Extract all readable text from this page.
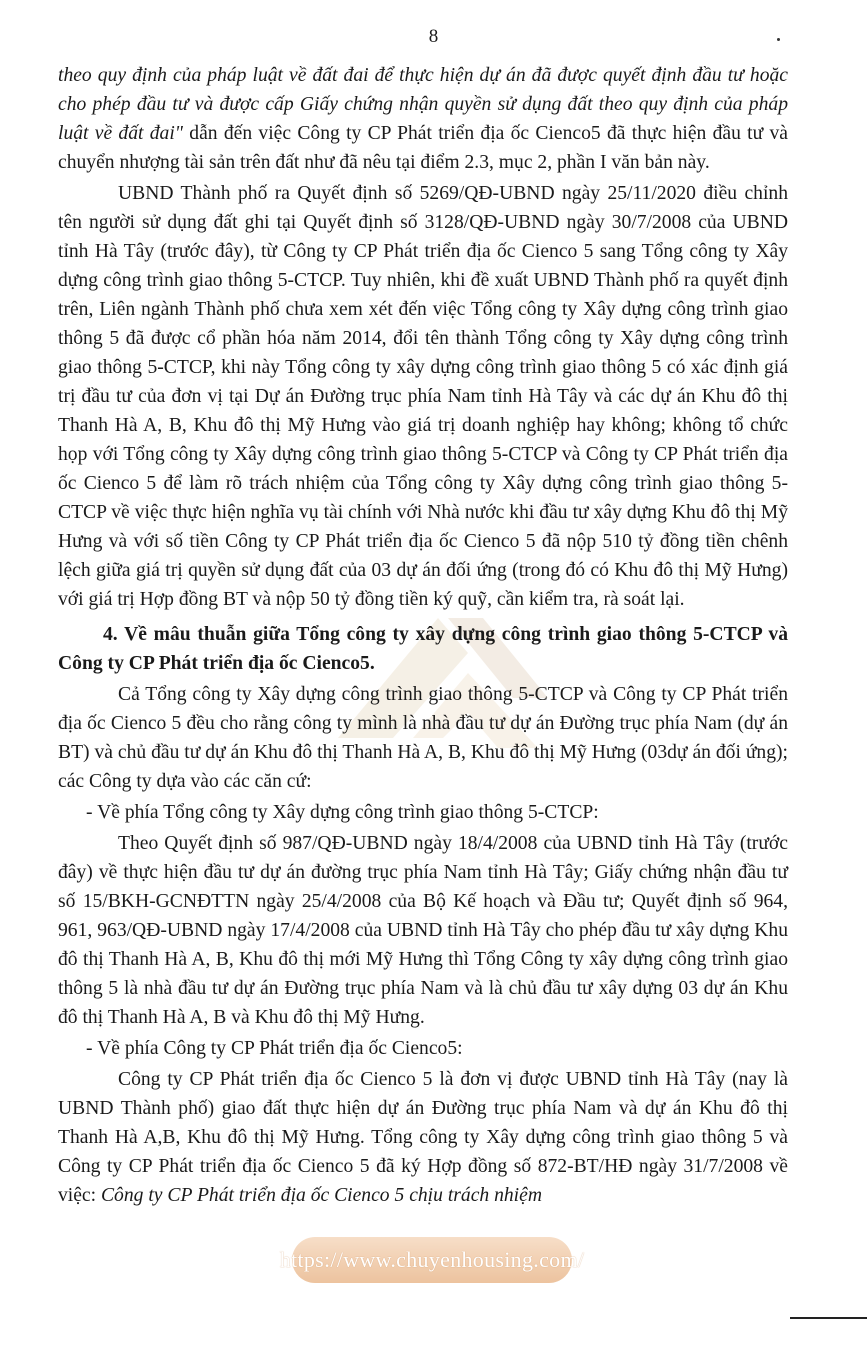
8

theo quy định của pháp luật về đất đai để thực hiện dự án đã được quyết định đầu tư hoặc cho phép đầu tư và được cấp Giấy chứng nhận quyền sử dụng đất theo quy định của pháp luật về đất đai" dẫn đến việc Công ty CP Phát triển địa ốc Cienco5 đã thực hiện đầu tư và chuyển nhượng tài sản trên đất như đã nêu tại điểm 2.3, mục 2, phần I văn bản này.

UBND Thành phố ra Quyết định số 5269/QĐ-UBND ngày 25/11/2020 điều chỉnh tên người sử dụng đất ghi tại Quyết định số 3128/QĐ-UBND ngày 30/7/2008 của UBND tỉnh Hà Tây (trước đây), từ Công ty CP Phát triển địa ốc Cienco 5 sang Tổng công ty Xây dựng công trình giao thông 5-CTCP. Tuy nhiên, khi đề xuất UBND Thành phố ra quyết định trên, Liên ngành Thành phố chưa xem xét đến việc Tổng công ty Xây dựng công trình giao thông 5 đã được cổ phần hóa năm 2014, đổi tên thành Tổng công ty Xây dựng công trình giao thông 5-CTCP, khi này Tổng công ty xây dựng công trình giao thông 5 có xác định giá trị đầu tư của đơn vị tại Dự án Đường trục phía Nam tỉnh Hà Tây và các dự án Khu đô thị Thanh Hà A, B, Khu đô thị Mỹ Hưng vào giá trị doanh nghiệp hay không; không tổ chức họp với Tổng công ty Xây dựng công trình giao thông 5-CTCP và Công ty CP Phát triển địa ốc Cienco 5 để làm rõ trách nhiệm của Tổng công ty Xây dựng công trình giao thông 5-CTCP về việc thực hiện nghĩa vụ tài chính với Nhà nước khi đầu tư xây dựng Khu đô thị Mỹ Hưng và với số tiền Công ty CP Phát triển địa ốc Cienco 5 đã nộp 510 tỷ đồng tiền chênh lệch giữa giá trị quyền sử dụng đất của 03 dự án đối ứng (trong đó có Khu đô thị Mỹ Hưng) với giá trị Hợp đồng BT và nộp 50 tỷ đồng tiền ký quỹ, cần kiểm tra, rà soát lại.

4. Về mâu thuẫn giữa Tổng công ty xây dựng công trình giao thông 5-CTCP và Công ty CP Phát triển địa ốc Cienco5.

Cả Tổng công ty Xây dựng công trình giao thông 5-CTCP và Công ty CP Phát triển địa ốc Cienco 5 đều cho rằng công ty mình là nhà đầu tư dự án Đường trục phía Nam (dự án BT) và chủ đầu tư dự án Khu đô thị Thanh Hà A, B, Khu đô thị Mỹ Hưng (03dự án đối ứng); các Công ty dựa vào các căn cứ:

- Về phía Tổng công ty Xây dựng công trình giao thông 5-CTCP:

Theo Quyết định số 987/QĐ-UBND ngày 18/4/2008 của UBND tỉnh Hà Tây (trước đây) về thực hiện đầu tư dự án đường trục phía Nam tỉnh Hà Tây; Giấy chứng nhận đầu tư số 15/BKH-GCNĐTTN ngày 25/4/2008 của Bộ Kế hoạch và Đầu tư; Quyết định số 964, 961, 963/QĐ-UBND ngày 17/4/2008 của UBND tỉnh Hà Tây cho phép đầu tư xây dựng Khu đô thị Thanh Hà A, B, Khu đô thị mới Mỹ Hưng thì Tổng Công ty xây dựng công trình giao thông 5 là nhà đầu tư dự án Đường trục phía Nam và là chủ đầu tư xây dựng 03 dự án Khu đô thị Thanh Hà A, B và Khu đô thị Mỹ Hưng.

- Về phía Công ty CP Phát triển địa ốc Cienco5:

Công ty CP Phát triển địa ốc Cienco 5 là đơn vị được UBND tỉnh Hà Tây (nay là UBND Thành phố) giao đất thực hiện dự án Đường trục phía Nam và dự án Khu đô thị Thanh Hà A,B, Khu đô thị Mỹ Hưng. Tổng công ty Xây dựng công trình giao thông 5 và Công ty CP Phát triển địa ốc Cienco 5 đã ký Hợp đồng số 872-BT/HĐ ngày 31/7/2008 về việc: Công ty CP Phát triển địa ốc Cienco 5 chịu trách nhiệm

https://www.chuyenhousing.com/
